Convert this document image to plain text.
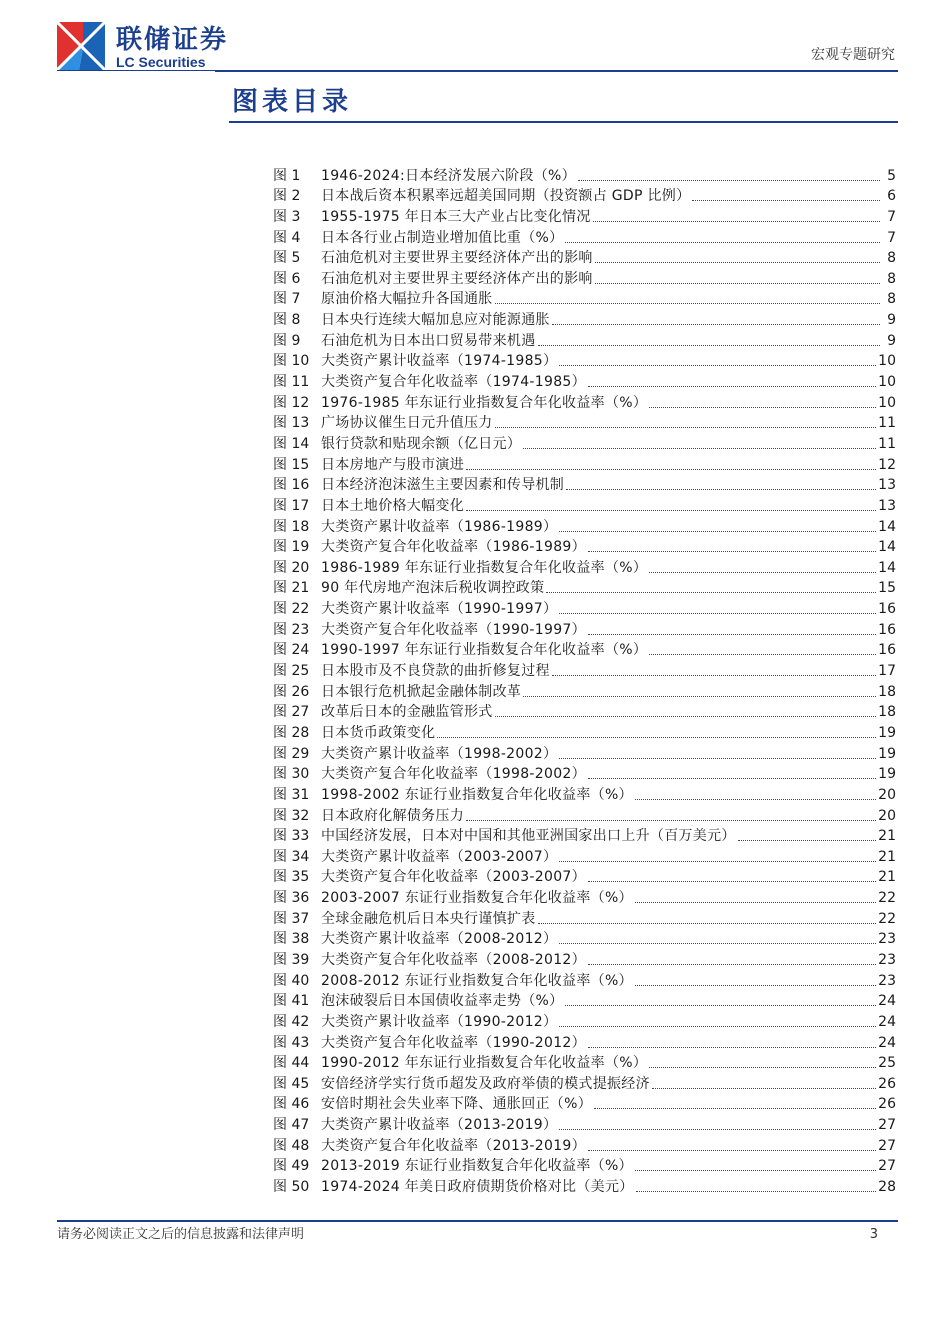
联储证券
LC Securities	宏观专题研究
图表目录
图 1	1946-2024:日本经济发展六阶段（%）	5
图 2	日本战后资本积累率远超美国同期（投资额占 GDP 比例）	6
图 3	1955-1975 年日本三大产业占比变化情况	7
图 4	日本各行业占制造业增加值比重（%）	7
图 5	石油危机对主要世界主要经济体产出的影响	8
图 6	石油危机对主要世界主要经济体产出的影响	8
图 7	原油价格大幅拉升各国通胀	8
图 8	日本央行连续大幅加息应对能源通胀	9
图 9	石油危机为日本出口贸易带来机遇	9
图 10 大类资产累计收益率（1974-1985）	10
图 11 大类资产复合年化收益率（1974-1985）	10
图 12 1976-1985 年东证行业指数复合年化收益率（%）	10
图 13 广场协议催生日元升值压力	11
图 14 银行贷款和贴现余额（亿日元）	11
图 15 日本房地产与股市演进	12
图 16 日本经济泡沫滋生主要因素和传导机制	13
图 17 日本土地价格大幅变化	13
图 18 大类资产累计收益率（1986-1989）	14
图 19 大类资产复合年化收益率（1986-1989）	14
图 20 1986-1989 年东证行业指数复合年化收益率（%）	14
图 21 90 年代房地产泡沫后税收调控政策	15
图 22 大类资产累计收益率（1990-1997）	16
图 23 大类资产复合年化收益率（1990-1997）	16
图 24 1990-1997 年东证行业指数复合年化收益率（%）	16
图 25 日本股市及不良贷款的曲折修复过程	17
图 26 日本银行危机掀起金融体制改革	18
图 27 改革后日本的金融监管形式	18
图 28 日本货币政策变化	19
图 29 大类资产累计收益率（1998-2002）	19
图 30 大类资产复合年化收益率（1998-2002）	19
图 31 1998-2002 东证行业指数复合年化收益率（%）	20
图 32 日本政府化解债务压力	20
图 33 中国经济发展，日本对中国和其他亚洲国家出口上升（百万美元）	21
图 34 大类资产累计收益率（2003-2007）	21
图 35 大类资产复合年化收益率（2003-2007）	21
图 36 2003-2007 东证行业指数复合年化收益率（%）	22
图 37 全球金融危机后日本央行谨慎扩表	22
图 38 大类资产累计收益率（2008-2012）	23
图 39 大类资产复合年化收益率（2008-2012）	23
图 40 2008-2012 东证行业指数复合年化收益率（%）	23
图 41 泡沫破裂后日本国债收益率走势（%）	24
图 42 大类资产累计收益率（1990-2012）	24
图 43 大类资产复合年化收益率（1990-2012）	24
图 44 1990-2012 年东证行业指数复合年化收益率（%）	25
图 45 安倍经济学实行货币超发及政府举债的模式提振经济	26
图 46 安倍时期社会失业率下降、通胀回正（%）	26
图 47 大类资产累计收益率（2013-2019）	27
图 48 大类资产复合年化收益率（2013-2019）	27
图 49 2013-2019 东证行业指数复合年化收益率（%）	27
图 50 1974-2024 年美日政府债期货价格对比（美元）	28
请务必阅读正文之后的信息披露和法律声明	3
